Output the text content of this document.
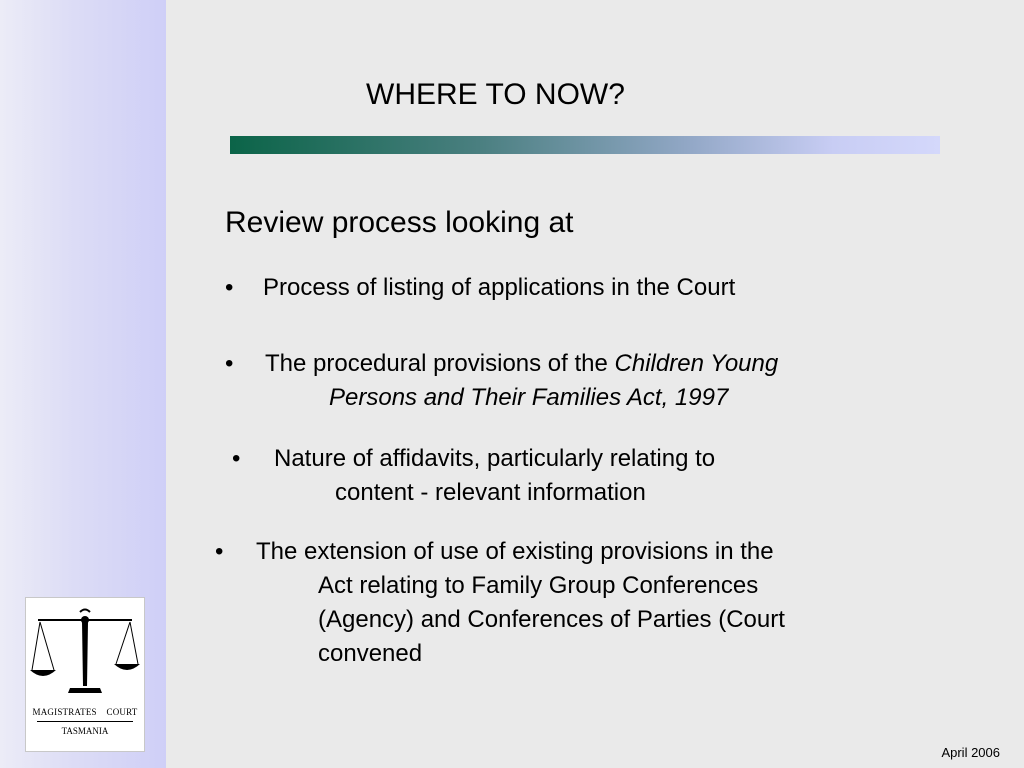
WHERE TO NOW?
Review process looking at
• Process of listing of applications in the Court
• The procedural provisions of the Children Young
Persons and Their Families Act, 1997
• Nature of affidavits, particularly relating to
content - relevant information
• The extension of use of existing provisions in the
Act relating to Family Group Conferences
(Agency) and Conferences of Parties (Court
convened
MAGISTRATES    COURT
TASMANIA
April 2006
